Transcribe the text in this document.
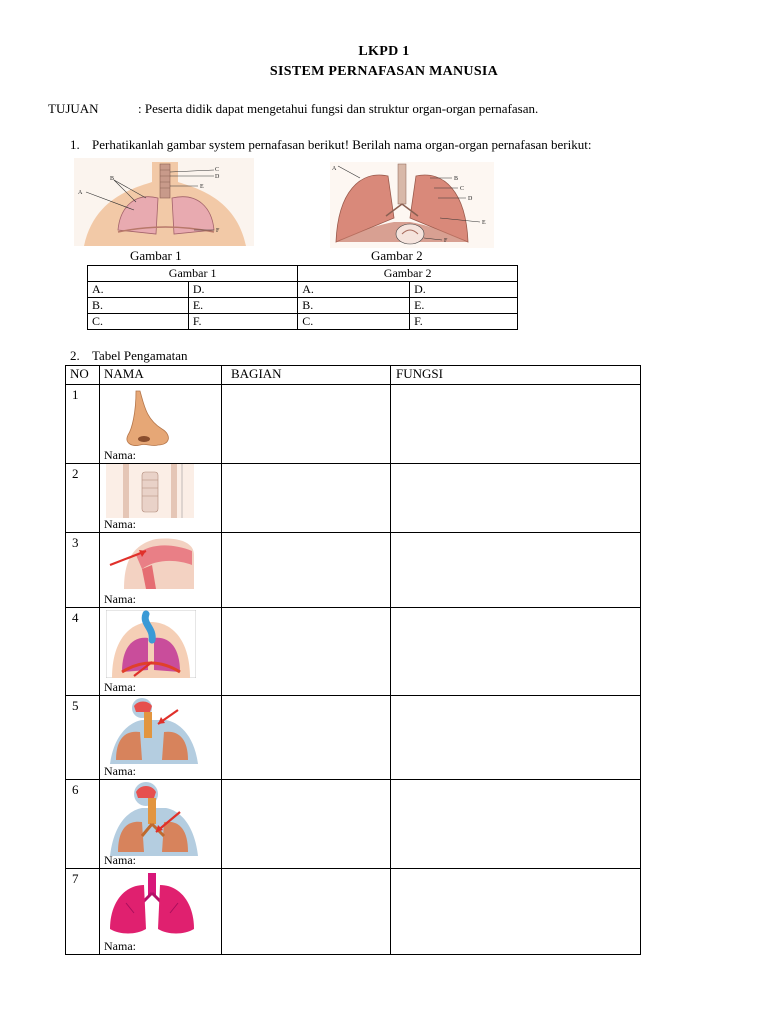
LKPD 1
SISTEM PERNAFASAN MANUSIA
TUJUAN	: Peserta didik dapat mengetahui fungsi dan struktur organ-organ pernafasan.
1. Perhatikanlah gambar system pernafasan berikut! Berilah nama organ-organ pernafasan berikut:
A
B
C
D
E
F
A
B
C
D
E
F
Gambar 1	Gambar 2
Gambar 1		Gambar 2	
A.	D.	A.	D.
B.	E.	B.	E.
C.	F.	C.	F.
2. Tabel Pengamatan
NO	NAMA	BAGIAN	FUNGSI

1	Nama:		

2	Nama:		

3	Nama:		

4	Nama:		

5	Nama:		

6	Nama:		

7	Nama:		
